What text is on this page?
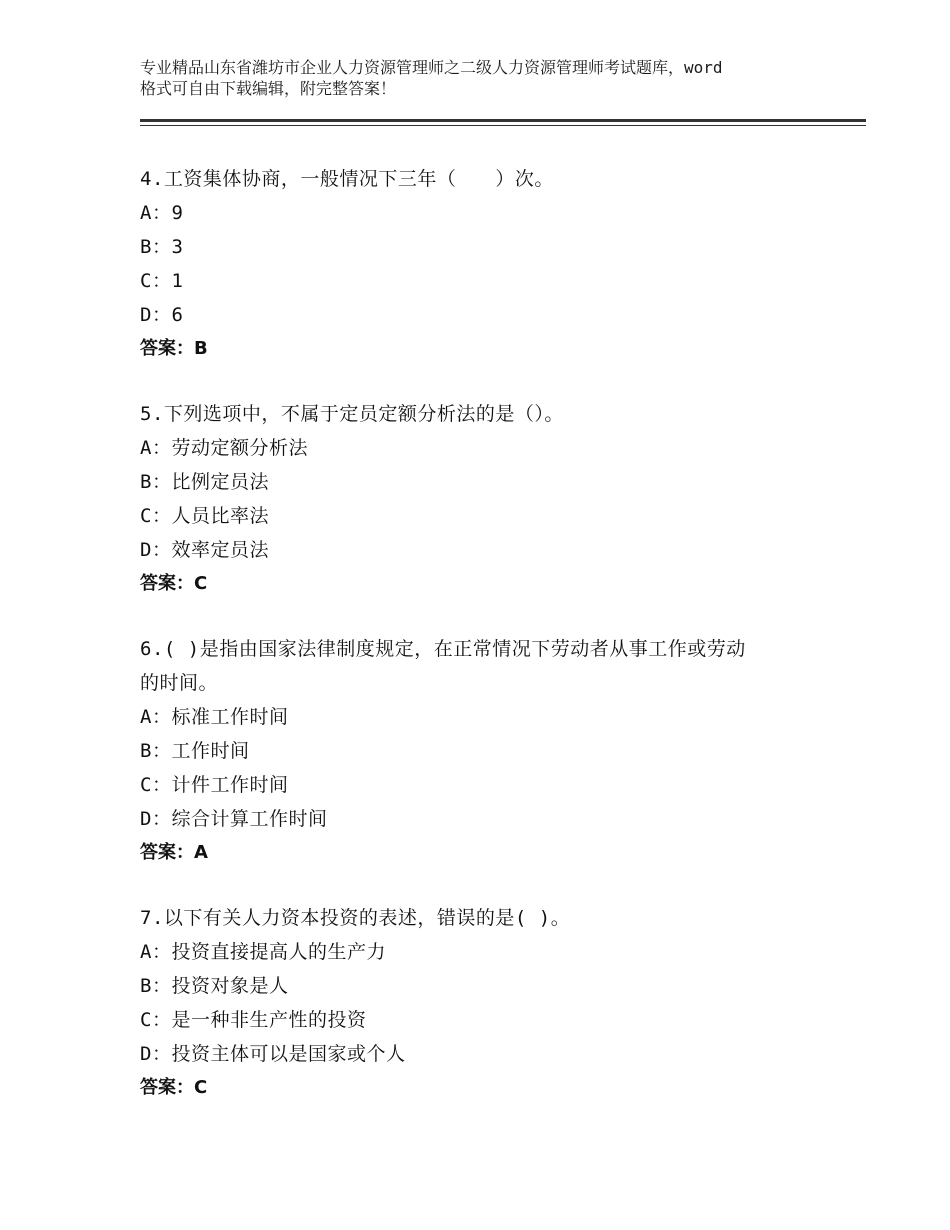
专业精品山东省潍坊市企业人力资源管理师之二级人力资源管理师考试题库，word
格式可自由下载编辑，附完整答案！

4.工资集体协商，一般情况下三年（　　）次。

A：9

B：3

C：1

D：6

答案：B

5.下列选项中，不属于定员定额分析法的是（）。

A：劳动定额分析法

B：比例定员法

C：人员比率法

D：效率定员法

答案：C

6.( )是指由国家法律制度规定，在正常情况下劳动者从事工作或劳动

的时间。

A：标准工作时间

B：工作时间

C：计件工作时间

D：综合计算工作时间

答案：A

7.以下有关人力资本投资的表述，错误的是( )。

A：投资直接提高人的生产力

B：投资对象是人

C：是一种非生产性的投资

D：投资主体可以是国家或个人

答案：C
